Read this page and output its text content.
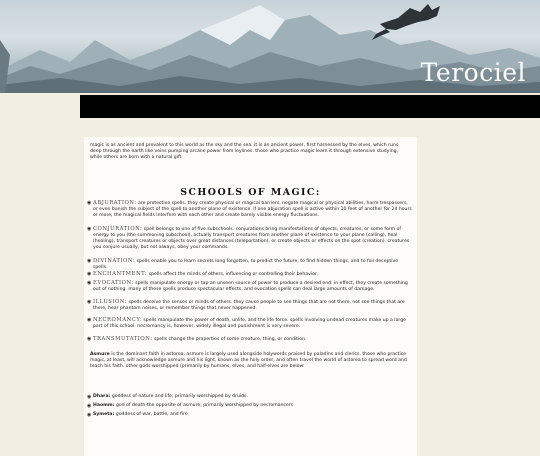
Terociel
magic is as ancient and prevalent to this world as the sky and the sea. it is an ancient power, first harnessed by the elves, which runs deep through the earth like veins pumping arcane power from leylines. those who practice magic learn it through extensive studying, while others are born with a natural gift.
SCHOOLS OF MAGIC:
◉ ABJURATION: are protective spells. they create physical or magical barriers, negate magical or physical abilities, harm trespassers, or even banish the subject of the spell to another plane of existence. if one abjuration spell is active within 10 feet of another for 24 hours or more, the magical fields interfere with each other and create barely visible energy fluctuations.
◉ CONJURATION: spell belongs to one of five subschools. conjurations bring manifestations of objects, creatures, or some form of energy to you (the summoning subschool), actually transport creatures from another plane of existence to your plane (calling), heal (healing), transport creatures or objects over great distances (teleportation), or create objects or effects on the spot (creation). creatures you conjure usually, but not always, obey your commands.
◉ DIVINATION: spells enable you to learn secrets long forgotten, to predict the future, to find hidden things, and to foil deceptive spells.
◉ ENCHANTMENT: spells affect the minds of others, influencing or controlling their behavior.
◉ EVOCATION: spells manipulate energy or tap an unseen source of power to produce a desired end. in effect, they create something out of nothing. many of these spells produce spectacular effects, and evocation spells can deal large amounts of damage.
◉ ILLUSION: spells deceive the senses or minds of others. they cause people to see things that are not there, not see things that are there, hear phantom noises, or remember things that never happened.
◉ NECROMANCY: spells manipulate the power of death, unlife, and the life force. spells involving undead creatures make up a large part of this school. necromancy is, however, widely illegal and punishment is very severe.
◉ TRANSMUTATION: spells change the properties of some creature, thing, or condition.
Asmure is the dominant faith in astorea. asmure is largely used alongside holywords praised by paladins and clerics. those who practice magic, at least, will acknowledge asmure and his light, known as the holy order, and often travel the world of astorea to spread word and teach his faith. other gods worshipped (primarily by humans, elves, and half-elves are below:
◉ Dhara: goddess of nature and life; primarily worshipped by druids.
◉ Haomm: god of death-the opposite of asmure; primarily worshipped by necromancers
◉ Symeta: goddess of war, battle, and fire
